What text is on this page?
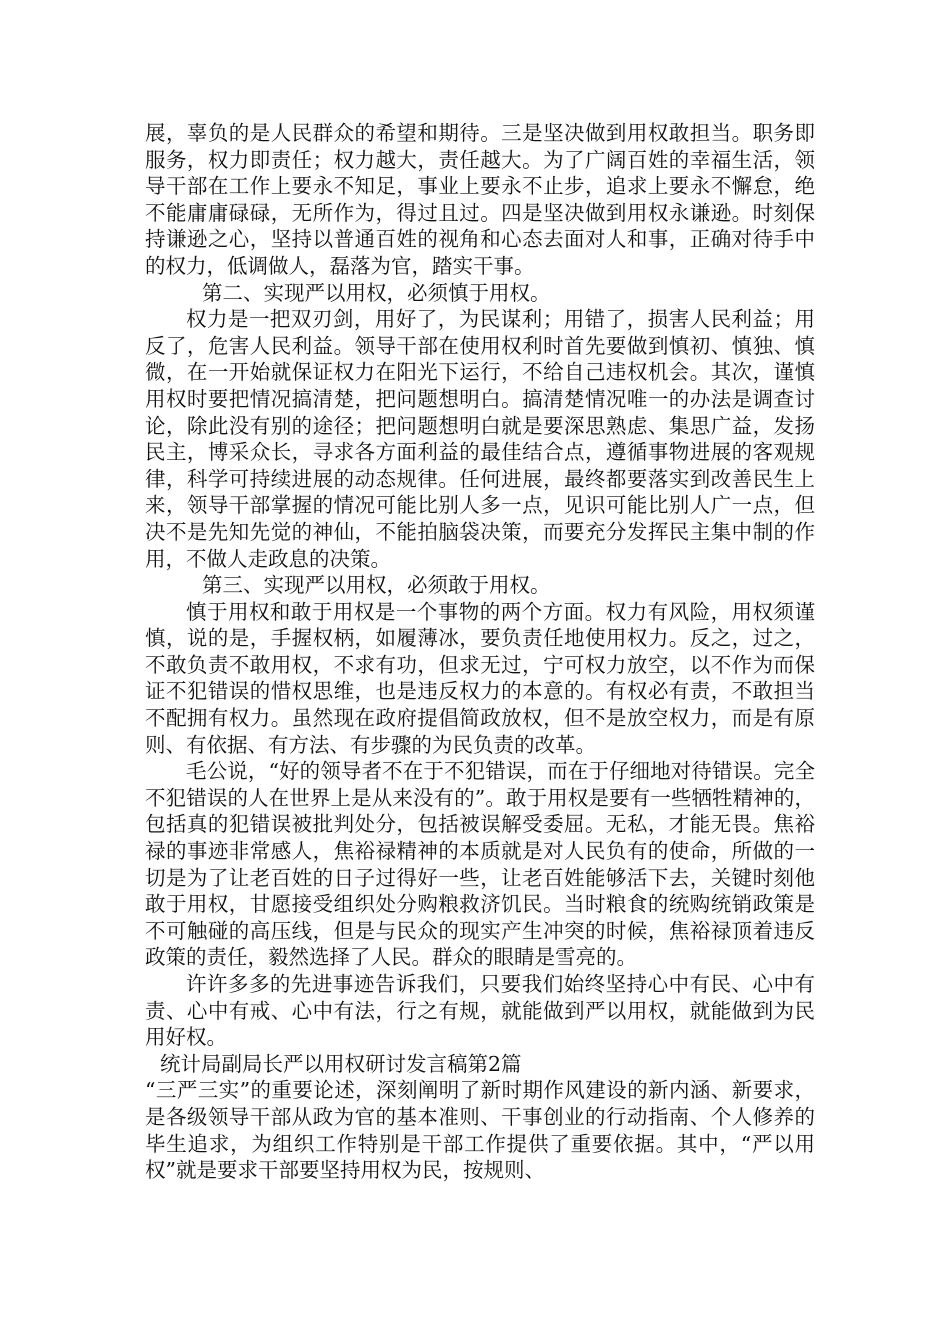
展，辜负的是人民群众的希望和期待。三是坚决做到用权敢担当。职务即服务，权力即责任；权力越大，责任越大。为了广阔百姓的幸福生活，领导干部在工作上要永不知足，事业上要永不止步，追求上要永不懈怠，绝不能庸庸碌碌，无所作为，得过且过。四是坚决做到用权永谦逊。时刻保持谦逊之心，坚持以普通百姓的视角和心态去面对人和事，正确对待手中的权力，低调做人，磊落为官，踏实干事。

第二、实现严以用权，必须慎于用权。

权力是一把双刃剑，用好了，为民谋利；用错了，损害人民利益；用反了，危害人民利益。领导干部在使用权利时首先要做到慎初、慎独、慎微，在一开始就保证权力在阳光下运行，不给自己违权机会。其次，谨慎用权时要把情况搞清楚，把问题想明白。搞清楚情况唯一的办法是调查讨论，除此没有别的途径；把问题想明白就是要深思熟虑、集思广益，发扬民主，博采众长，寻求各方面利益的最佳结合点，遵循事物进展的客观规律，科学可持续进展的动态规律。任何进展，最终都要落实到改善民生上来，领导干部掌握的情况可能比别人多一点，见识可能比别人广一点，但决不是先知先觉的神仙，不能拍脑袋决策，而要充分发挥民主集中制的作用，不做人走政息的决策。

第三、实现严以用权，必须敢于用权。

慎于用权和敢于用权是一个事物的两个方面。权力有风险，用权须谨慎，说的是，手握权柄，如履薄冰，要负责任地使用权力。反之，过之，不敢负责不敢用权，不求有功，但求无过，宁可权力放空，以不作为而保证不犯错误的惜权思维，也是违反权力的本意的。有权必有责，不敢担当不配拥有权力。虽然现在政府提倡简政放权，但不是放空权力，而是有原则、有依据、有方法、有步骤的为民负责的改革。

毛公说，“好的领导者不在于不犯错误，而在于仔细地对待错误。完全不犯错误的人在世界上是从来没有的”。敢于用权是要有一些牺牲精神的，包括真的犯错误被批判处分，包括被误解受委屈。无私，才能无畏。焦裕禄的事迹非常感人，焦裕禄精神的本质就是对人民负有的使命，所做的一切是为了让老百姓的日子过得好一些，让老百姓能够活下去，关键时刻他敢于用权，甘愿接受组织处分购粮救济饥民。当时粮食的统购统销政策是不可触碰的高压线，但是与民众的现实产生冲突的时候，焦裕禄顶着违反政策的责任，毅然选择了人民。群众的眼睛是雪亮的。

许许多多的先进事迹告诉我们，只要我们始终坚持心中有民、心中有责、心中有戒、心中有法，行之有规，就能做到严以用权，就能做到为民用好权。

统计局副局长严以用权研讨发言稿第2篇

“三严三实”的重要论述，深刻阐明了新时期作风建设的新内涵、新要求，是各级领导干部从政为官的基本准则、干事创业的行动指南、个人修养的毕生追求，为组织工作特别是干部工作提供了重要依据。其中，“严以用权”就是要求干部要坚持用权为民，按规则、
